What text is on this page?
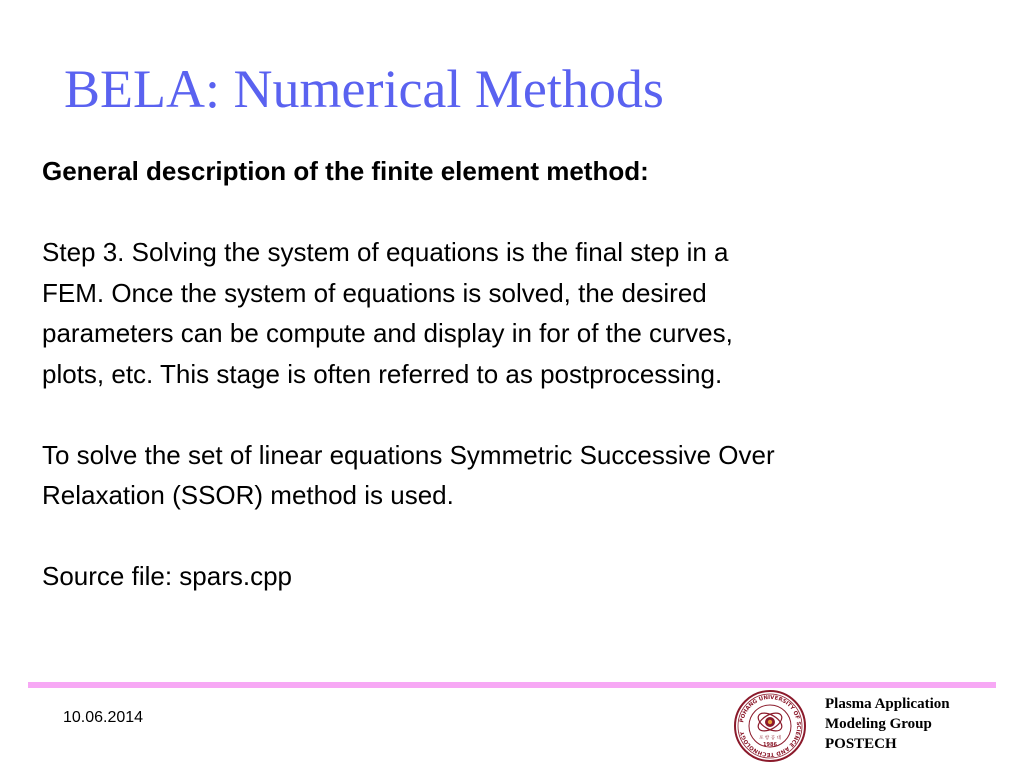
BELA: Numerical Methods
General description of the finite element method:
Step 3. Solving the system of equations is the final step in a
FEM. Once the system of equations is solved, the desired
parameters can be compute and display in for of the curves,
plots, etc. This stage is often referred to as postprocessing.
To solve the set of linear equations Symmetric Successive Over
Relaxation (SSOR) method is used.
Source file: spars.cpp
10.06.2014	POHANG UNIVERSITY OF SCIENCE AND TECHNOLOGY
포 항 공 대
1986
Plasma Application
Modeling Group
POSTECH
